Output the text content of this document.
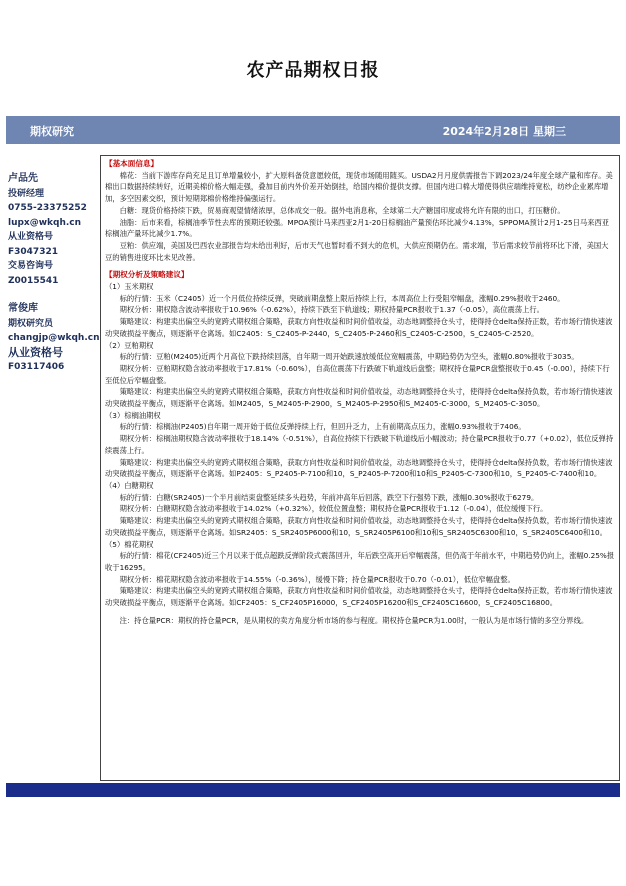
农产品期权日报
期权研究	2024年2月28日 星期三
卢品先
投研经理
0755-23375252
lupx@wkqh.cn
从业资格号
F3047321
交易咨询号
Z0015541
常俊库
期权研究员
changjp@wkqh.cn
从业资格号
F03117406

【基本面信息】

棉花：当前下游库存尚充足且订单增量较小，扩大原料备货意愿较低，现货市场随用随买。USDA2月月度供需报告下调2023/24年度全球产量和库存。美棉出口数据持续转好，近期美棉价格大幅走强，叠加目前内外价差开始倒挂，给国内棉价提供支撑。但国内进口棉大增使得供应端维持宽松，纺纱企业累库增加，多空因素交织，预计短期郑棉价格维持偏强运行。

白糖：现货价格持续下跌，贸易商观望情绪浓厚，总体成交一般。据外电消息称，全球第二大产糖国印度或将允许有限的出口，打压糖价。

油脂：后市来看，棕榈油季节性去库的预期还较强。MPOA预计马来西亚2月1-20日棕榈油产量预估环比减少4.13%，SPPOMA预计2月1-25日马来西亚棕榈油产量环比减少1.7%。

豆粕：供应端，美国及巴西农业部报告均未给出利好，后市天气也暂时看不到大的危机，大供应预期仍在。需求端，节后需求较节前将环比下滑，美国大豆的销售进度环比未见改善。

【期权分析及策略建议】

（1）玉米期权

标的行情：玉米（C2405）近一个月低位持续反弹，突破前期盘整上限后持续上行，本周高位上行受阻窄幅盘，涨幅0.29%报收于2460。

期权分析：期权隐含波动率报收于10.96%（-0.62%），持续下跌至下轨道线；期权持量PCR报收于1.37（-0.05），高位震荡上行。

策略建议：构建卖出偏空头的宽跨式期权组合策略，获取方向性收益和时间价值收益，动态地调整持仓头寸，使得持仓delta保持正数，若市场行情快速波动突破损益平衡点，则逐渐平仓离场。如C2405：S_C2405-P-2440，S_C2405-P-2460和S_C2405-C-2500，S_C2405-C-2520。

（2）豆粕期权

标的行情：豆粕(M2405)近两个月高位下跌持续回落，自年期一周开始跌速放缓低位宽幅震荡，中期趋势仍为空头，涨幅0.80%报收于3035。

期权分析：豆粕期权隐含波动率报收于17.81%（-0.60%），自高位震荡下行跌破下轨道线后盘整；期权持仓量PCR盘整报收于0.45（-0.00），持续下行至低位后窄幅盘整。

策略建议：构建卖出偏空头的宽跨式期权组合策略，获取方向性收益和时间价值收益，动态地调整持仓头寸，使得持仓delta保持负数，若市场行情快速波动突破损益平衡点，则逐渐平仓离场。如M2405，S_M2405-P-2900，S_M2405-P-2950和S_M2405-C-3000，S_M2405-C-3050。

（3）棕榈油期权

标的行情：棕榈油(P2405)自年期一周开始于低位反弹持续上行，但回升乏力，上有前期高点压力，涨幅0.93%报收于7406。

期权分析：棕榈油期权隐含波动率报收于18.14%（-0.51%），自高位持续下行跌破下轨道线后小幅波动；持仓量PCR报收于0.77（+0.02），低位反弹持续震荡上行。

策略建议：构建卖出偏空头的宽跨式期权组合策略，获取方向性收益和时间价值收益，动态地调整持仓头寸，使得持仓delta保持负数，若市场行情快速波动突破损益平衡点，则逐渐平仓离场。如P2405：S_P2405-P-7100和10，S_P2405-P-7200和10和S_P2405-C-7300和10，S_P2405-C-7400和10。

（4）白糖期权

标的行情：白糖(SR2405)一个半月前结束盘整延续多头趋势，年前冲高年后回落，跌空下行强势下跌，涨幅0.30%报收于6279。

期权分析：白糖期权隐含波动率报收于14.02%（+0.32%），较低位置盘整；期权持仓量PCR报收于1.12（-0.04），低位缓慢下行。

策略建议：构建卖出偏空头的宽跨式期权组合策略，获取方向性收益和时间价值收益，动态地调整持仓头寸，使得持仓delta保持负数，若市场行情快速波动突破损益平衡点，则逐渐平仓离场。如SR2405：S_SR2405P6000和10，S_SR2405P6100和10和S_SR2405C6300和10，S_SR2405C6400和10。

（5）棉花期权

标的行情：棉花(CF2405)近三个月以来于低点超跌反弹阶段式震荡回升，年后跌空高开后窄幅震荡，但仍高于年前水平，中期趋势仍向上，涨幅0.25%报收于16295。

期权分析：棉花期权隐含波动率报收于14.55%（-0.36%），缓慢下降；持仓量PCR报收于0.70（-0.01），低位窄幅盘整。

策略建议：构建卖出偏空头的宽跨式期权组合策略，获取方向性收益和时间价值收益，动态地调整持仓头寸，使得持仓delta保持正数，若市场行情快速波动突破损益平衡点，则逐渐平仓离场。如CF2405：S_CF2405P16000，S_CF2405P16200和S_CF2405C16600，S_CF2405C16800。

注：持仓量PCR：期权的持仓量PCR，是从期权的卖方角度分析市场的参与程度。期权持仓量PCR为1.00时，一般认为是市场行情的多空分界线。
